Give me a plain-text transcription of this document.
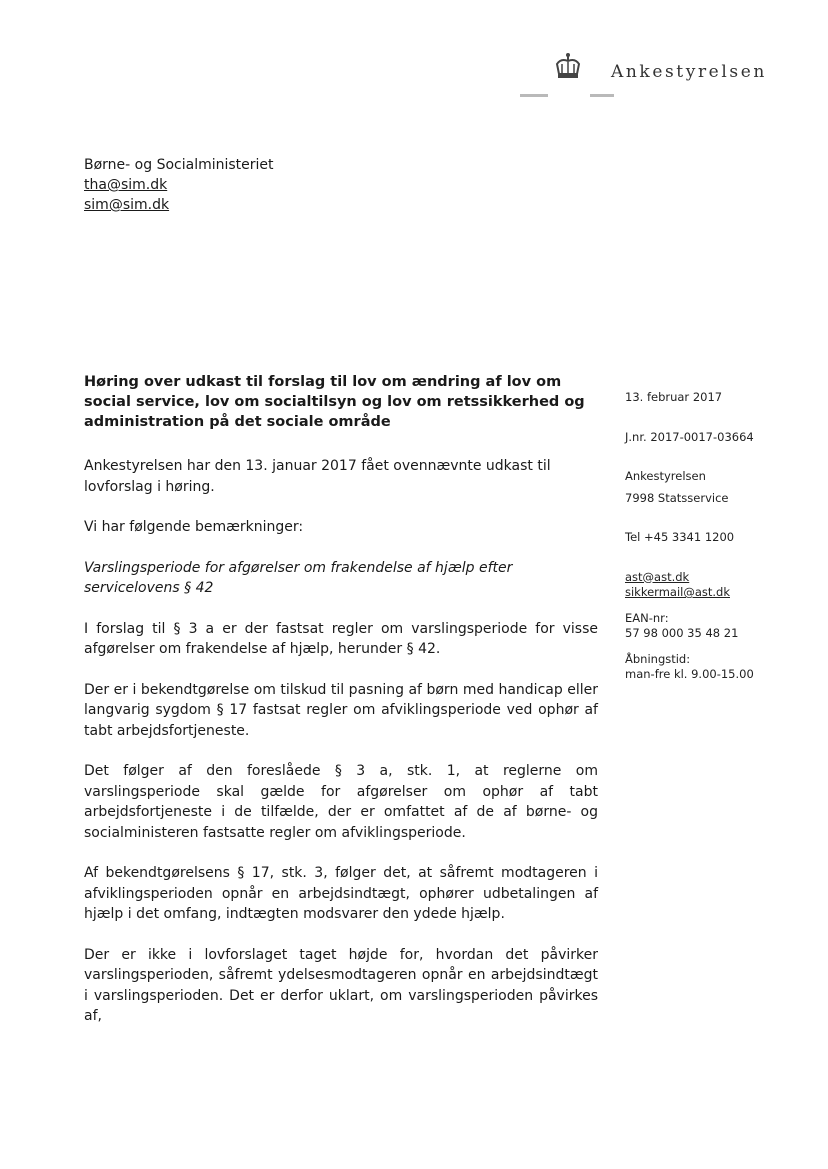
Ankestyrelsen
Børne- og Socialministeriet
tha@sim.dk
sim@sim.dk
Høring over udkast til forslag til lov om ændring af lov om social service, lov om socialtilsyn og lov om retssikkerhed og administration på det sociale område

Ankestyrelsen har den 13. januar 2017 fået ovennævnte udkast til lovforslag i høring.

Vi har følgende bemærkninger:

Varslingsperiode for afgørelser om frakendelse af hjælp efter servicelovens § 42

I forslag til § 3 a er der fastsat regler om varslingsperiode for visse afgørelser om frakendelse af hjælp, herunder § 42.

Der er i bekendtgørelse om tilskud til pasning af børn med handicap eller langvarig sygdom § 17 fastsat regler om afviklingsperiode ved ophør af tabt arbejdsfortjeneste.

Det følger af den foreslåede § 3 a, stk. 1, at reglerne om varslingsperiode skal gælde for afgørelser om ophør af tabt arbejdsfortjeneste i de tilfælde, der er omfattet af de af børne- og socialministeren fastsatte regler om afviklingsperiode.

Af bekendtgørelsens § 17, stk. 3, følger det, at såfremt modtageren i afviklingsperioden opnår en arbejdsindtægt, ophører udbetalingen af hjælp i det omfang, indtægten modsvarer den ydede hjælp.

Der er ikke i lovforslaget taget højde for, hvordan det påvirker varslingsperioden, såfremt ydelsesmodtageren opnår en arbejdsindtægt i varslingsperioden. Det er derfor uklart, om varslingsperioden påvirkes af,

13. februar 2017
J.nr. 2017-0017-03664
Ankestyrelsen
7998 Statsservice
Tel +45 3341 1200
ast@ast.dk
sikkermail@ast.dk
EAN-nr:
57 98 000 35 48 21
Åbningstid:
man-fre kl. 9.00-15.00
